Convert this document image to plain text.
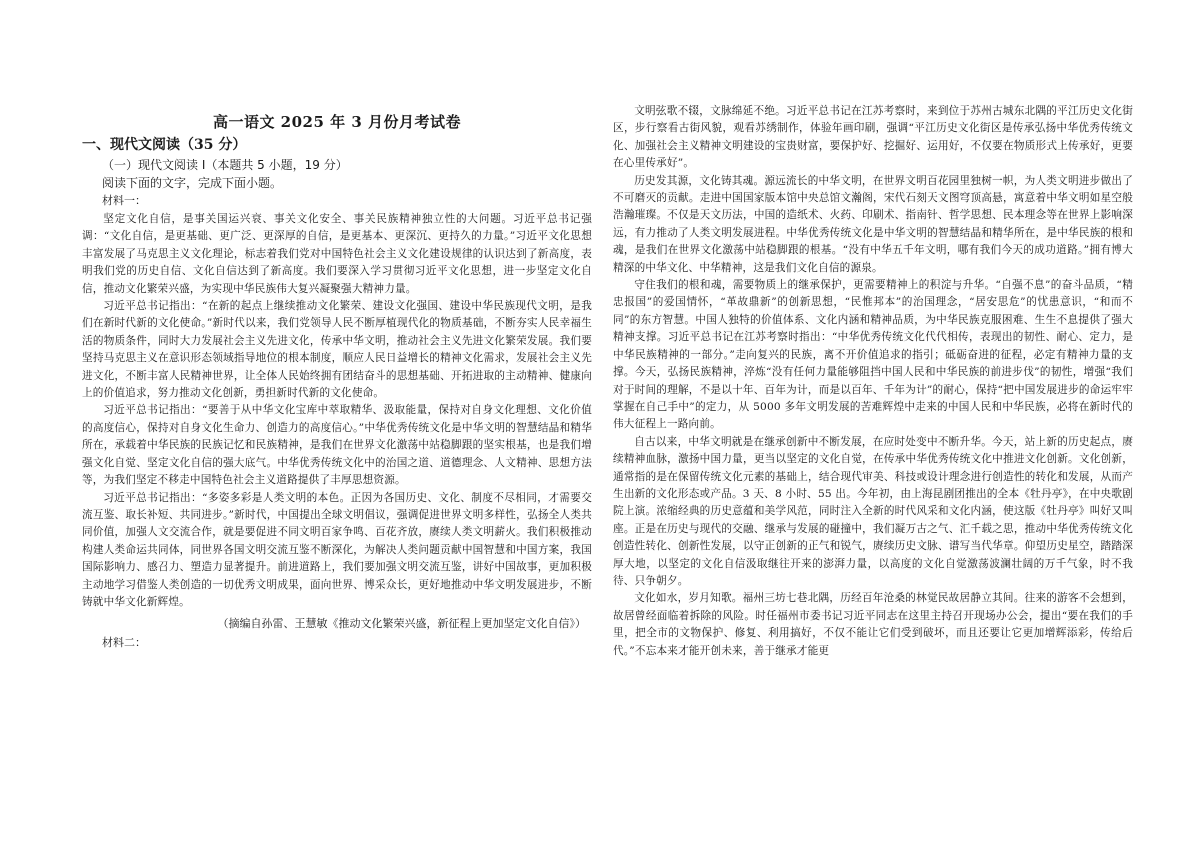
高一语文 2025 年 3 月份月考试卷
一、现代文阅读（35 分）
（一）现代文阅读 I（本题共 5 小题，19 分）
阅读下面的文字，完成下面小题。
材料一：

坚定文化自信，是事关国运兴衰、事关文化安全、事关民族精神独立性的大问题。习近平总书记强调：“文化自信，是更基础、更广泛、更深厚的自信，是更基本、更深沉、更持久的力量。”习近平文化思想丰富发展了马克思主义文化理论，标志着我们党对中国特色社会主义文化建设规律的认识达到了新高度，表明我们党的历史自信、文化自信达到了新高度。我们要深入学习贯彻习近平文化思想，进一步坚定文化自信，推动文化繁荣兴盛，为实现中华民族伟大复兴凝聚强大精神力量。

习近平总书记指出：“在新的起点上继续推动文化繁荣、建设文化强国、建设中华民族现代文明，是我们在新时代新的文化使命。”新时代以来，我们党领导人民不断厚植现代化的物质基础，不断夯实人民幸福生活的物质条件，同时大力发展社会主义先进文化，传承中华文明，推动社会主义先进文化繁荣发展。我们要坚持马克思主义在意识形态领域指导地位的根本制度，顺应人民日益增长的精神文化需求，发展社会主义先进文化，不断丰富人民精神世界，让全体人民始终拥有团结奋斗的思想基础、开拓进取的主动精神、健康向上的价值追求，努力推动文化创新，勇担新时代新的文化使命。

习近平总书记指出：“要善于从中华文化宝库中萃取精华、汲取能量，保持对自身文化理想、文化价值的高度信心，保持对自身文化生命力、创造力的高度信心。”中华优秀传统文化是中华文明的智慧结晶和精华所在，承载着中华民族的民族记忆和民族精神，是我们在世界文化激荡中站稳脚跟的坚实根基，也是我们增强文化自觉、坚定文化自信的强大底气。中华优秀传统文化中的治国之道、道德理念、人文精神、思想方法等，为我们坚定不移走中国特色社会主义道路提供了丰厚思想资源。

习近平总书记指出：“多姿多彩是人类文明的本色。正因为各国历史、文化、制度不尽相同，才需要交流互鉴、取长补短、共同进步。”新时代，中国提出全球文明倡议，强调促进世界文明多样性，弘扬全人类共同价值，加强人文交流合作，就是要促进不同文明百家争鸣、百花齐放，赓续人类文明薪火。我们积极推动构建人类命运共同体，同世界各国文明交流互鉴不断深化，为解决人类问题贡献中国智慧和中国方案，我国国际影响力、感召力、塑造力显著提升。前进道路上，我们要加强文明交流互鉴，讲好中国故事，更加积极主动地学习借鉴人类创造的一切优秀文明成果，面向世界、博采众长，更好地推动中华文明发展进步，不断铸就中华文化新辉煌。

（摘编自孙雷、王慧敏《推动文化繁荣兴盛，新征程上更加坚定文化自信》）
材料二：

文明弦歌不辍，文脉绵延不绝。习近平总书记在江苏考察时，来到位于苏州古城东北隅的平江历史文化街区，步行察看古街风貌，观看苏绣制作，体验年画印刷，强调“平江历史文化街区是传承弘扬中华优秀传统文化、加强社会主义精神文明建设的宝贵财富，要保护好、挖掘好、运用好，不仅要在物质形式上传承好，更要在心里传承好”。

历史发其源，文化铸其魂。源远流长的中华文明，在世界文明百花园里独树一帜，为人类文明进步做出了不可磨灭的贡献。走进中国国家版本馆中央总馆文瀚阁，宋代石刻天文图穹顶高悬，寓意着中华文明如星空般浩瀚璀璨。不仅是天文历法，中国的造纸术、火药、印刷术、指南针、哲学思想、民本理念等在世界上影响深远，有力推动了人类文明发展进程。中华优秀传统文化是中华文明的智慧结晶和精华所在，是中华民族的根和魂，是我们在世界文化激荡中站稳脚跟的根基。“没有中华五千年文明，哪有我们今天的成功道路。”拥有博大精深的中华文化、中华精神，这是我们文化自信的源泉。

守住我们的根和魂，需要物质上的继承保护，更需要精神上的积淀与升华。“自强不息”的奋斗品质，“精忠报国”的爱国情怀，“革故鼎新”的创新思想，“民惟邦本”的治国理念，“居安思危”的忧患意识，“和而不同”的东方智慧。中国人独特的价值体系、文化内涵和精神品质，为中华民族克服困难、生生不息提供了强大精神支撑。习近平总书记在江苏考察时指出：“中华优秀传统文化代代相传，表现出的韧性、耐心、定力，是中华民族精神的一部分。”走向复兴的民族，离不开价值追求的指引；砥砺奋进的征程，必定有精神力量的支撑。今天，弘扬民族精神，淬炼“没有任何力量能够阻挡中国人民和中华民族的前进步伐”的韧性，增强“我们对于时间的理解，不是以十年、百年为计，而是以百年、千年为计”的耐心，保持“把中国发展进步的命运牢牢掌握在自己手中”的定力，从 5000 多年文明发展的苦难辉煌中走来的中国人民和中华民族，必将在新时代的伟大征程上一路向前。

自古以来，中华文明就是在继承创新中不断发展，在应时处变中不断升华。今天，站上新的历史起点，赓续精神血脉，激扬中国力量，更当以坚定的文化自觉，在传承中华优秀传统文化中推进文化创新。文化创新，通常指的是在保留传统文化元素的基础上，结合现代审美、科技或设计理念进行创造性的转化和发展，从而产生出新的文化形态或产品。3 天、8 小时、55 出。今年初，由上海昆剧团推出的全本《牡丹亭》，在中央歌剧院上演。浓缩经典的历史意蕴和美学风范，同时注入全新的时代风采和文化内涵，使这版《牡丹亭》叫好又叫座。正是在历史与现代的交融、继承与发展的碰撞中，我们凝万古之气、汇千载之思，推动中华优秀传统文化创造性转化、创新性发展，以守正创新的正气和锐气，赓续历史文脉、谱写当代华章。仰望历史星空，踏踏深厚大地，以坚定的文化自信汲取继往开来的澎湃力量，以高度的文化自觉激荡波澜壮阔的万千气象，时不我待、只争朝夕。

文化如水，岁月知歌。福州三坊七巷北隅，历经百年沧桑的林觉民故居静立其间。往来的游客不会想到，故居曾经面临着拆除的风险。时任福州市委书记习近平同志在这里主持召开现场办公会，提出“要在我们的手里，把全市的文物保护、修复、利用搞好，不仅不能让它们受到破坏，而且还要让它更加增辉添彩，传给后代。”不忘本来才能开创未来，善于继承才能更
